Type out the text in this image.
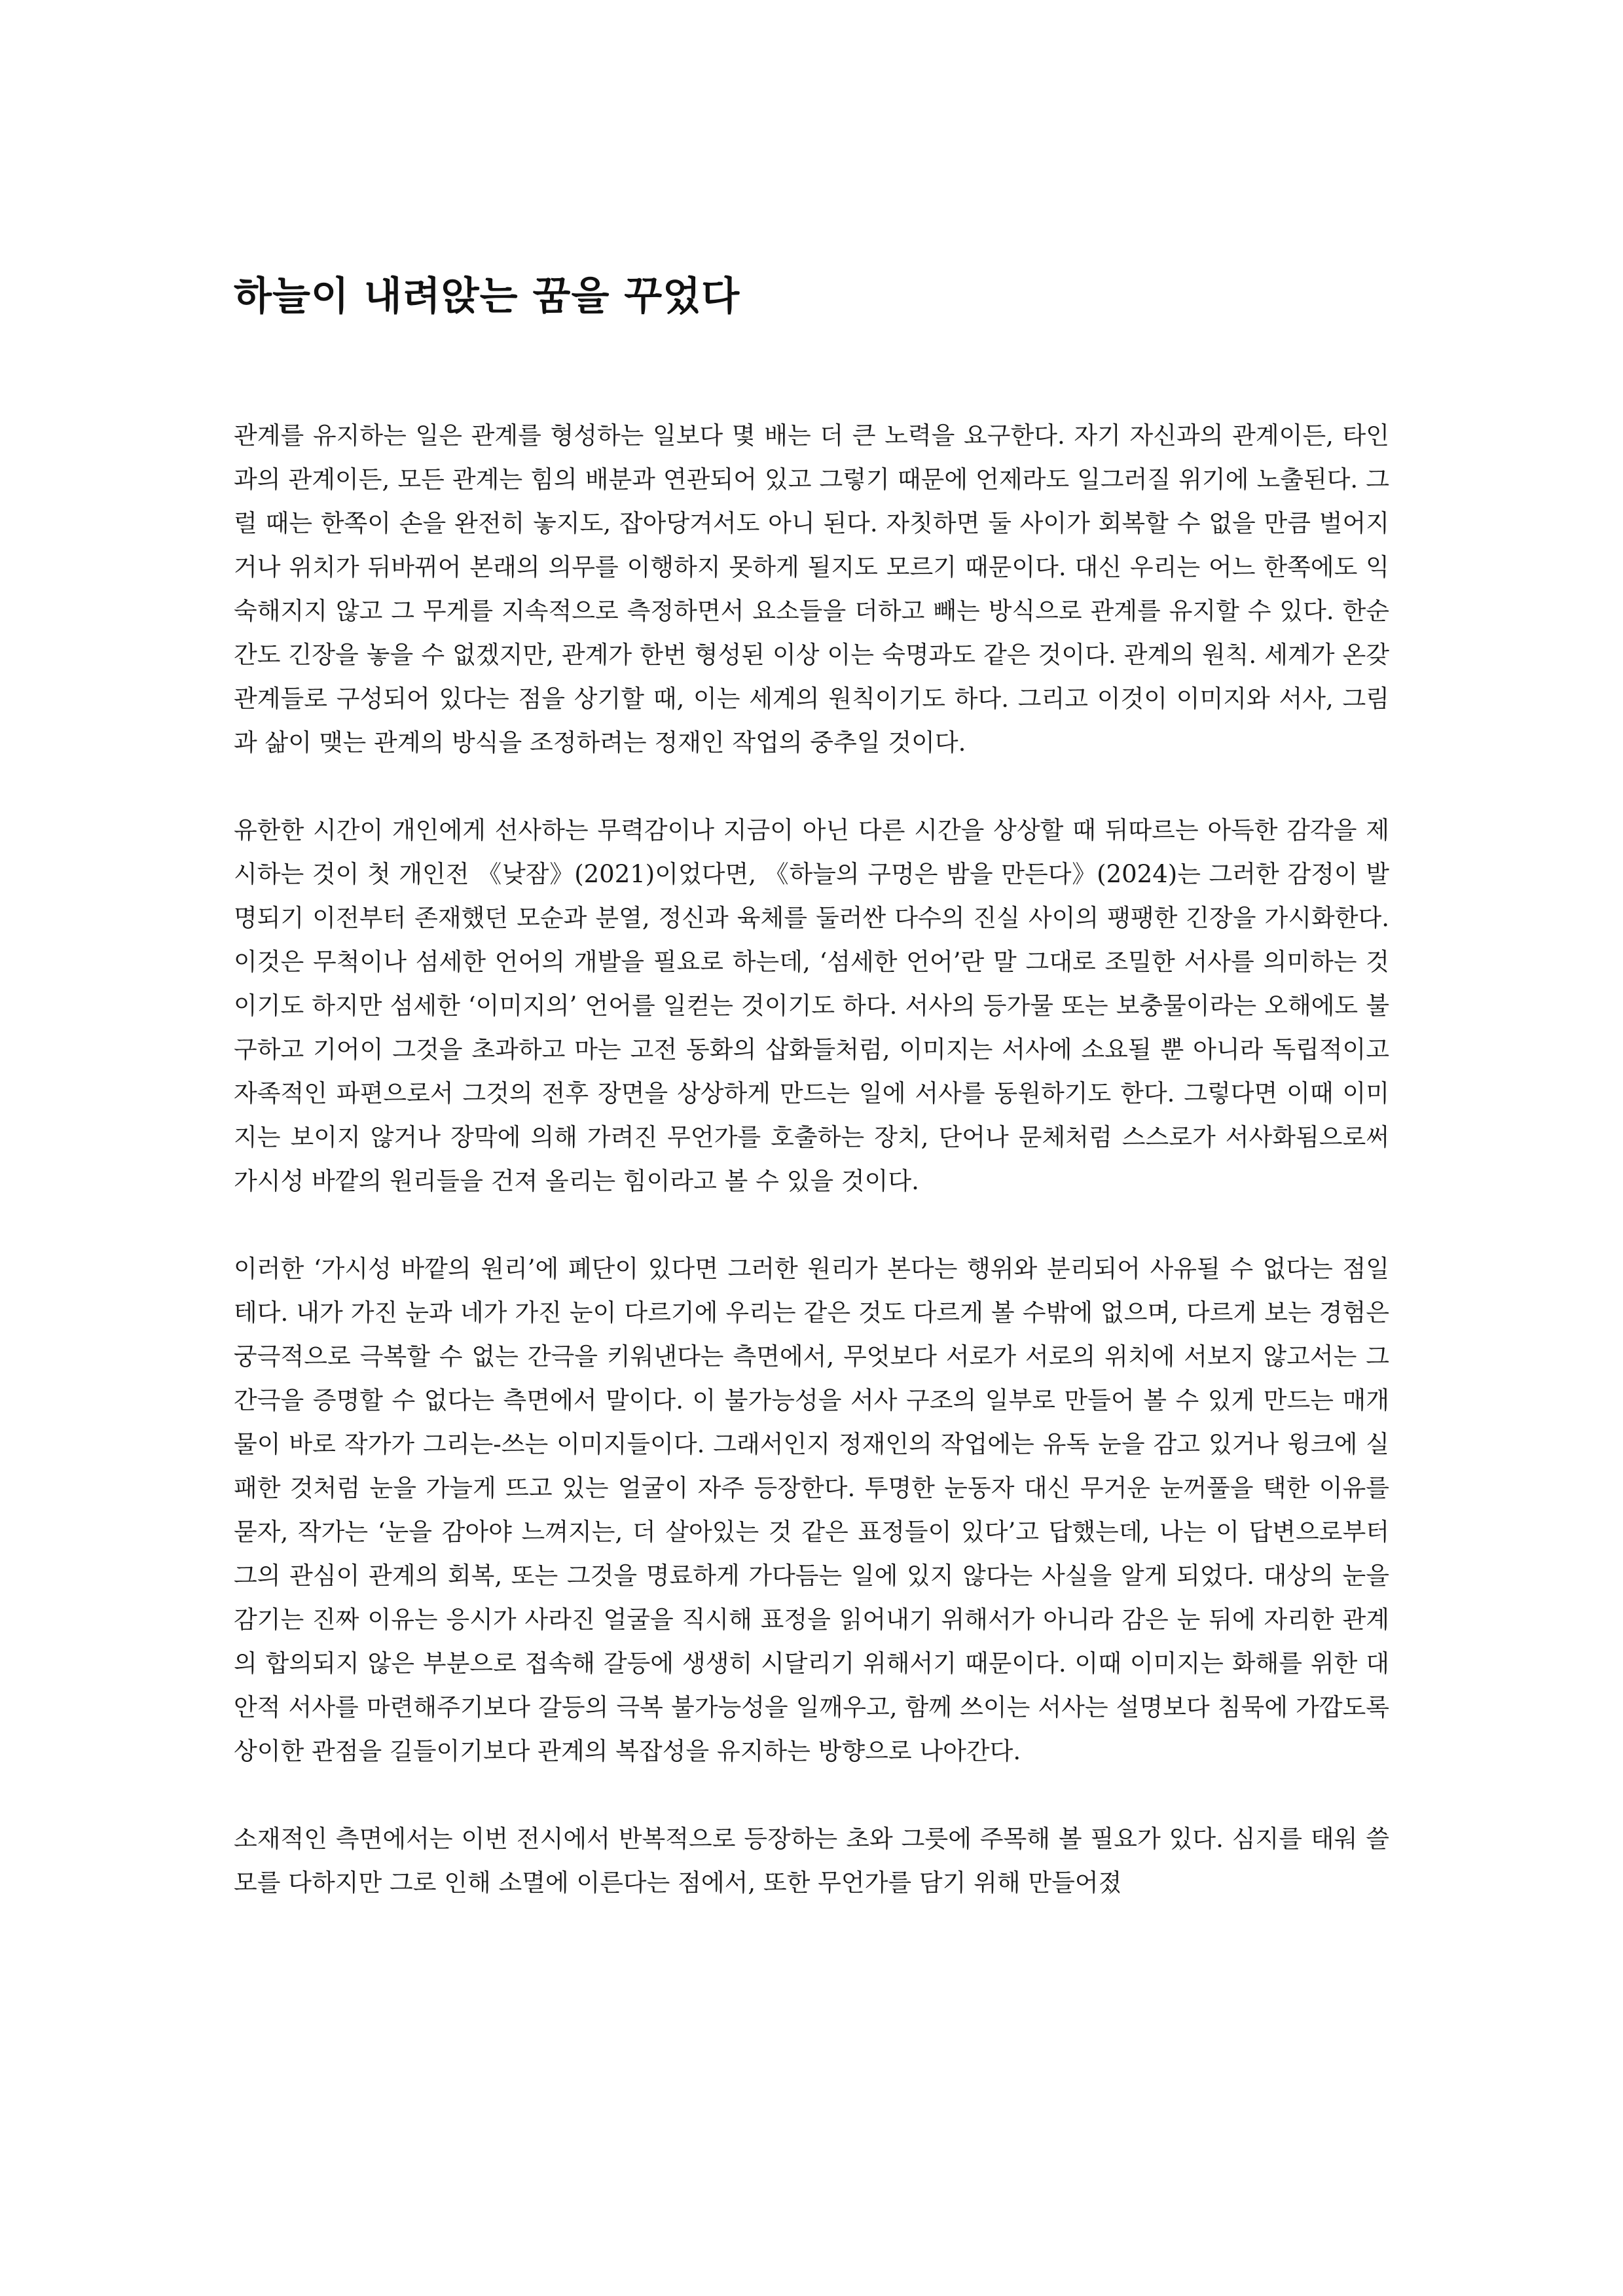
하늘이 내려앉는 꿈을 꾸었다

관계를 유지하는 일은 관계를 형성하는 일보다 몇 배는 더 큰 노력을 요구한다. 자기 자신과의 관계이든, 타인과의 관계이든, 모든 관계는 힘의 배분과 연관되어 있고 그렇기 때문에 언제라도 일그러질 위기에 노출된다. 그럴 때는 한쪽이 손을 완전히 놓지도, 잡아당겨서도 아니 된다. 자칫하면 둘 사이가 회복할 수 없을 만큼 벌어지거나 위치가 뒤바뀌어 본래의 의무를 이행하지 못하게 될지도 모르기 때문이다. 대신 우리는 어느 한쪽에도 익숙해지지 않고 그 무게를 지속적으로 측정하면서 요소들을 더하고 빼는 방식으로 관계를 유지할 수 있다. 한순간도 긴장을 놓을 수 없겠지만, 관계가 한번 형성된 이상 이는 숙명과도 같은 것이다. 관계의 원칙. 세계가 온갖 관계들로 구성되어 있다는 점을 상기할 때, 이는 세계의 원칙이기도 하다. 그리고 이것이 이미지와 서사, 그림과 삶이 맺는 관계의 방식을 조정하려는 정재인 작업의 중추일 것이다.

유한한 시간이 개인에게 선사하는 무력감이나 지금이 아닌 다른 시간을 상상할 때 뒤따르는 아득한 감각을 제시하는 것이 첫 개인전 《낮잠》(2021)이었다면, 《하늘의 구멍은 밤을 만든다》(2024)는 그러한 감정이 발명되기 이전부터 존재했던 모순과 분열, 정신과 육체를 둘러싼 다수의 진실 사이의 팽팽한 긴장을 가시화한다. 이것은 무척이나 섬세한 언어의 개발을 필요로 하는데, ‘섬세한 언어’란 말 그대로 조밀한 서사를 의미하는 것이기도 하지만 섬세한 ‘이미지의’ 언어를 일컫는 것이기도 하다. 서사의 등가물 또는 보충물이라는 오해에도 불구하고 기어이 그것을 초과하고 마는 고전 동화의 삽화들처럼, 이미지는 서사에 소요될 뿐 아니라 독립적이고 자족적인 파편으로서 그것의 전후 장면을 상상하게 만드는 일에 서사를 동원하기도 한다. 그렇다면 이때 이미지는 보이지 않거나 장막에 의해 가려진 무언가를 호출하는 장치, 단어나 문체처럼 스스로가 서사화됨으로써 가시성 바깥의 원리들을 건져 올리는 힘이라고 볼 수 있을 것이다.

이러한 ‘가시성 바깥의 원리’에 폐단이 있다면 그러한 원리가 본다는 행위와 분리되어 사유될 수 없다는 점일 테다. 내가 가진 눈과 네가 가진 눈이 다르기에 우리는 같은 것도 다르게 볼 수밖에 없으며, 다르게 보는 경험은 궁극적으로 극복할 수 없는 간극을 키워낸다는 측면에서, 무엇보다 서로가 서로의 위치에 서보지 않고서는 그 간극을 증명할 수 없다는 측면에서 말이다. 이 불가능성을 서사 구조의 일부로 만들어 볼 수 있게 만드는 매개물이 바로 작가가 그리는-쓰는 이미지들이다. 그래서인지 정재인의 작업에는 유독 눈을 감고 있거나 윙크에 실패한 것처럼 눈을 가늘게 뜨고 있는 얼굴이 자주 등장한다. 투명한 눈동자 대신 무거운 눈꺼풀을 택한 이유를 묻자, 작가는 ‘눈을 감아야 느껴지는, 더 살아있는 것 같은 표정들이 있다’고 답했는데, 나는 이 답변으로부터 그의 관심이 관계의 회복, 또는 그것을 명료하게 가다듬는 일에 있지 않다는 사실을 알게 되었다. 대상의 눈을 감기는 진짜 이유는 응시가 사라진 얼굴을 직시해 표정을 읽어내기 위해서가 아니라 감은 눈 뒤에 자리한 관계의 합의되지 않은 부분으로 접속해 갈등에 생생히 시달리기 위해서기 때문이다. 이때 이미지는 화해를 위한 대안적 서사를 마련해주기보다 갈등의 극복 불가능성을 일깨우고, 함께 쓰이는 서사는 설명보다 침묵에 가깝도록 상이한 관점을 길들이기보다 관계의 복잡성을 유지하는 방향으로 나아간다.

소재적인 측면에서는 이번 전시에서 반복적으로 등장하는 초와 그릇에 주목해 볼 필요가 있다. 심지를 태워 쓸모를 다하지만 그로 인해 소멸에 이른다는 점에서, 또한 무언가를 담기 위해 만들어졌
